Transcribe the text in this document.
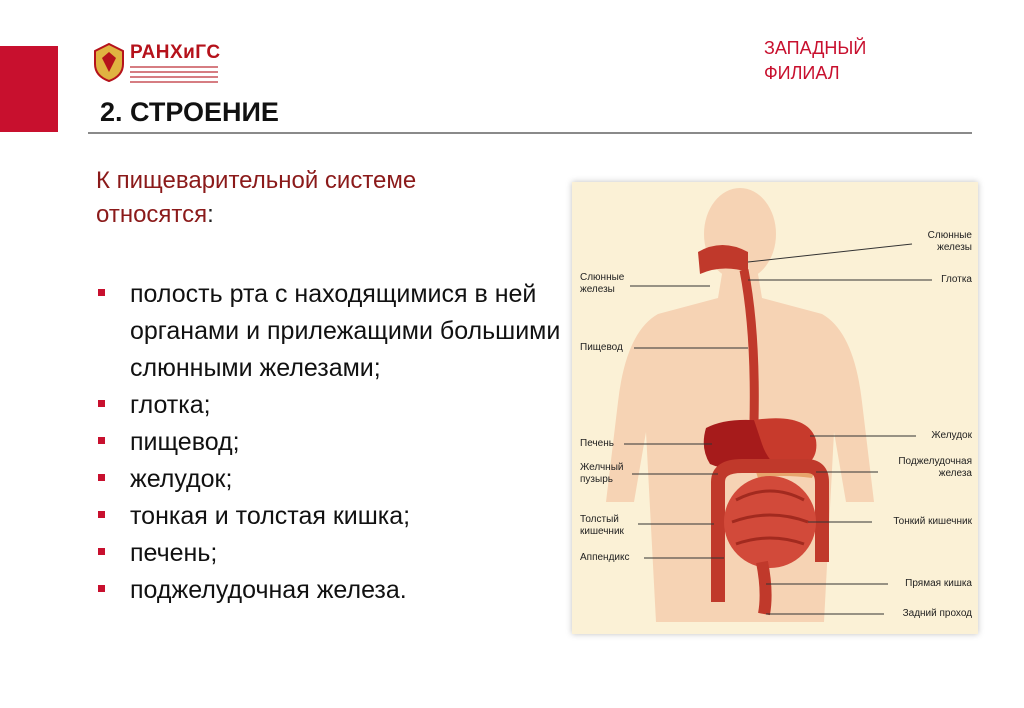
РАНХиГС	ЗАПАДНЫЙ
ФИЛИАЛ
2. СТРОЕНИЕ
К пищеварительной системе относятся:
полость рта с находящимися в ней органами и прилежащими большими слюнными железами;
глотка;
пищевод;
желудок;
тонкая и толстая кишка;
печень;
поджелудочная железа.
Слюнные
железы
Пищевод
Печень
Желчный
пузырь
Толстый
кишечник
Аппендикс
Слюнные
железы
Глотка
Желудок
Поджелудочная
железа
Тонкий кишечник
Прямая кишка
Задний проход
